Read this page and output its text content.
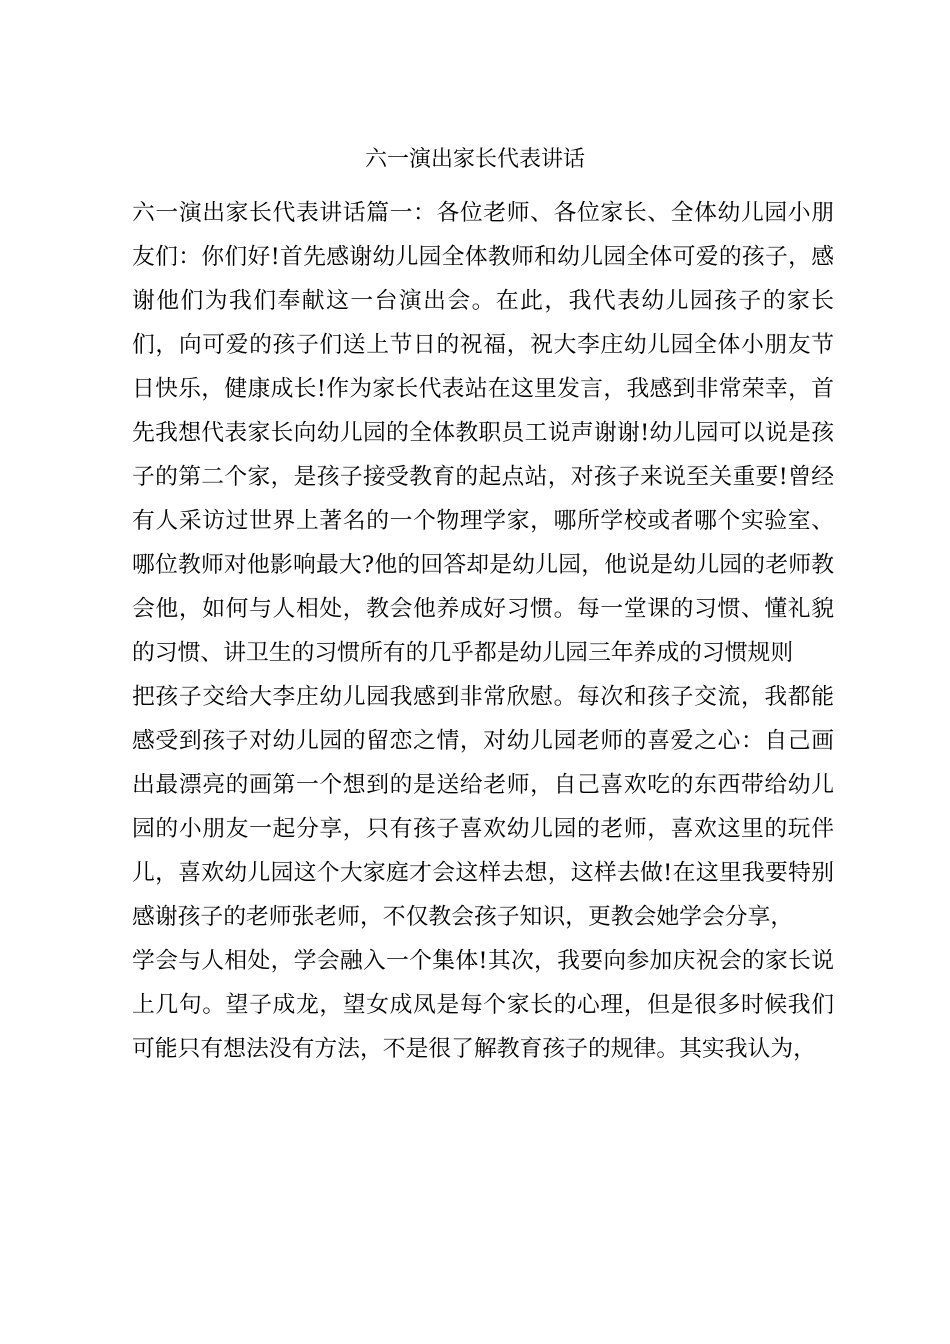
六一演出家长代表讲话

六一演出家长代表讲话篇一：各位老师、各位家长、全体幼儿园小朋友们：你们好!首先感谢幼儿园全体教师和幼儿园全体可爱的孩子，感谢他们为我们奉献这一台演出会。在此，我代表幼儿园孩子的家长们，向可爱的孩子们送上节日的祝福，祝大李庄幼儿园全体小朋友节日快乐，健康成长!作为家长代表站在这里发言，我感到非常荣幸，首先我想代表家长向幼儿园的全体教职员工说声谢谢!幼儿园可以说是孩子的第二个家，是孩子接受教育的起点站，对孩子来说至关重要!曾经有人采访过世界上著名的一个物理学家，哪所学校或者哪个实验室、哪位教师对他影响最大?他的回答却是幼儿园，他说是幼儿园的老师教会他，如何与人相处，教会他养成好习惯。每一堂课的习惯、懂礼貌的习惯、讲卫生的习惯所有的几乎都是幼儿园三年养成的习惯规则

把孩子交给大李庄幼儿园我感到非常欣慰。每次和孩子交流，我都能感受到孩子对幼儿园的留恋之情，对幼儿园老师的喜爱之心：自己画出最漂亮的画第一个想到的是送给老师，自己喜欢吃的东西带给幼儿园的小朋友一起分享，只有孩子喜欢幼儿园的老师，喜欢这里的玩伴儿，喜欢幼儿园这个大家庭才会这样去想，这样去做!在这里我要特别感谢孩子的老师张老师，不仅教会孩子知识，更教会她学会分享，

学会与人相处，学会融入一个集体!其次，我要向参加庆祝会的家长说上几句。望子成龙，望女成凤是每个家长的心理，但是很多时候我们可能只有想法没有方法，不是很了解教育孩子的规律。其实我认为，
